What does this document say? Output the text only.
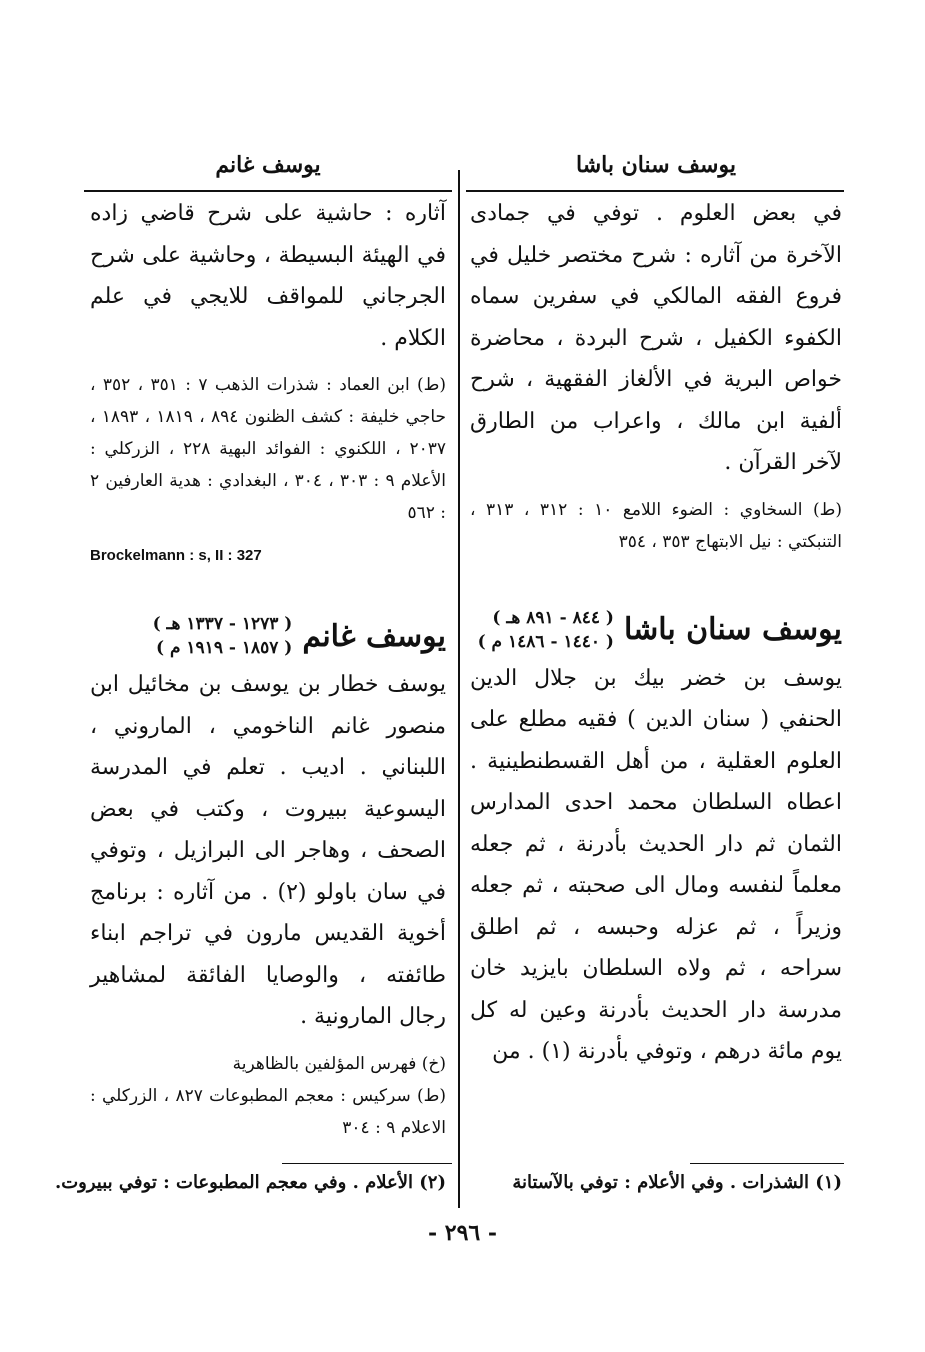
يوسف سنان باشا

في بعض العلوم . توفي في جمادى الآخرة من آثاره : شرح مختصر خليل في فروع الفقه المالكي في سفرين سماه الكفوء الكفيل ، شرح البردة ، محاضرة خواص البرية في الألغاز الفقهية ، شرح ألفية ابن مالك ، واعراب من الطارق لآخر القرآن .

(ط) السخاوي : الضوء اللامع ١٠ : ٣١٢ ، ٣١٣ ، التنبكتي : نيل الابتهاج ٣٥٣ ، ٣٥٤

يوسف سنان باشا
( ٨٤٤ - ٨٩١ هـ )
( ١٤٤٠ - ١٤٨٦ م )

يوسف بن خضر بيك بن جلال الدين الحنفي ( سنان الدين ) فقيه مطلع على العلوم العقلية ، من أهل القسطنطينية . اعطاه السلطان محمد احدى المدارس الثمان ثم دار الحديث بأدرنة ، ثم جعله معلماً لنفسه ومال الى صحبته ، ثم جعله وزيراً ، ثم عزله وحبسه ، ثم اطلق سراحه ، ثم ولاه السلطان بايزيد خان مدرسة دار الحديث بأدرنة وعين له كل يوم مائة درهم ، وتوفي بأدرنة (١) . من

يوسف غانم

آثاره : حاشية على شرح قاضي زاده في الهيئة البسيطة ، وحاشية على شرح الجرجاني للمواقف للايجي في علم الكلام .

(ط) ابن العماد : شذرات الذهب ٧ : ٣٥١ ، ٣٥٢ ، حاجي خليفة : كشف الظنون ٨٩٤ ، ١٨١٩ ، ١٨٩٣ ، ٢٠٣٧ ، اللكنوي : الفوائد البهية ٢٢٨ ، الزركلي : الأعلام ٩ : ٣٠٣ ، ٣٠٤ ، البغدادي : هدية العارفين ٢ : ٥٦٢

Brockelmann : s, II : 327
يوسف غانم
( ١٢٧٣ - ١٣٣٧ هـ )
( ١٨٥٧ - ١٩١٩ م )

يوسف خطار بن يوسف بن مخائيل ابن منصور غانم الناخومي ، الماروني ، اللبناني . اديب . تعلم في المدرسة اليسوعية ببيروت ، وكتب في بعض الصحف ، وهاجر الى البرازيل ، وتوفي في سان باولو (٢) . من آثاره : برنامج أخوية القديس مارون في تراجم ابناء طائفته ، والوصايا الفائقة لمشاهير رجال المارونية .

(خ) فهرس المؤلفين بالظاهرية

(ط) سركيس : معجم المطبوعات ٨٢٧ ، الزركلي : الاعلام ٩ : ٣٠٤

(١) الشذرات . وفي الأعلام : توفي بالآستانة
(٢) الأعلام . وفي معجم المطبوعات : توفي ببيروت.
- ٢٩٦ -
